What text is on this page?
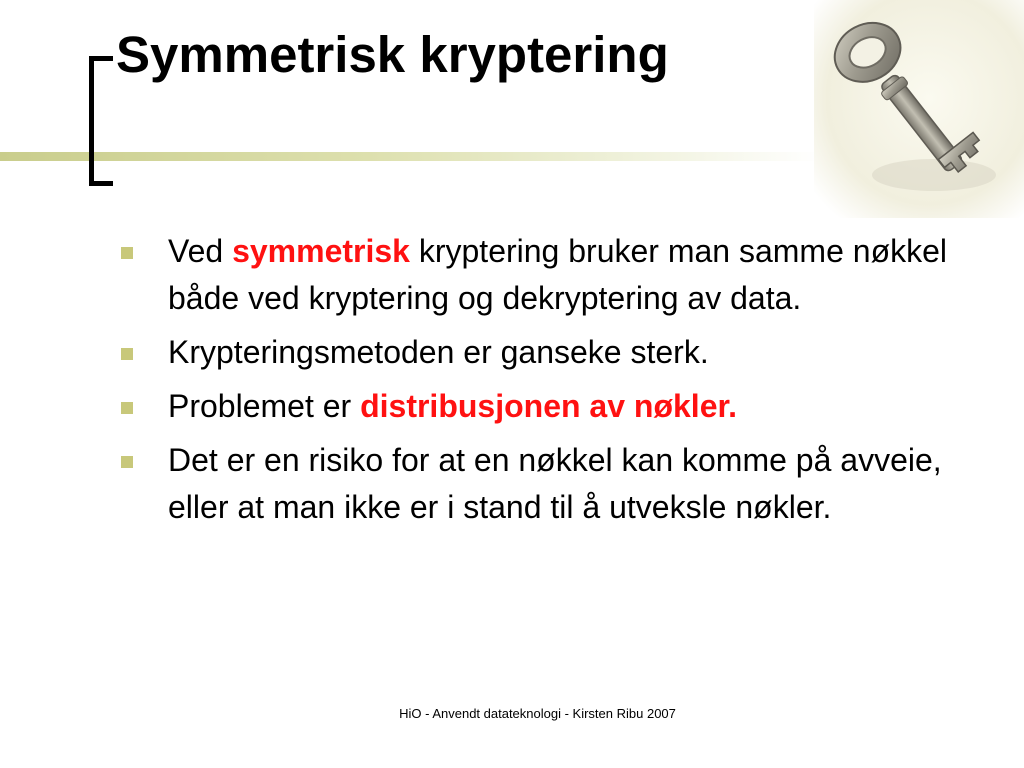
Symmetrisk kryptering
Ved symmetrisk kryptering bruker man samme nøkkel både ved kryptering og dekryptering av data.
Krypteringsmetoden er ganseke sterk.
Problemet er distribusjonen av nøkler.
Det er en risiko for at en nøkkel kan komme på avveie, eller at man ikke er i stand til å utveksle nøkler.
HiO - Anvendt datateknologi - Kirsten Ribu 2007
